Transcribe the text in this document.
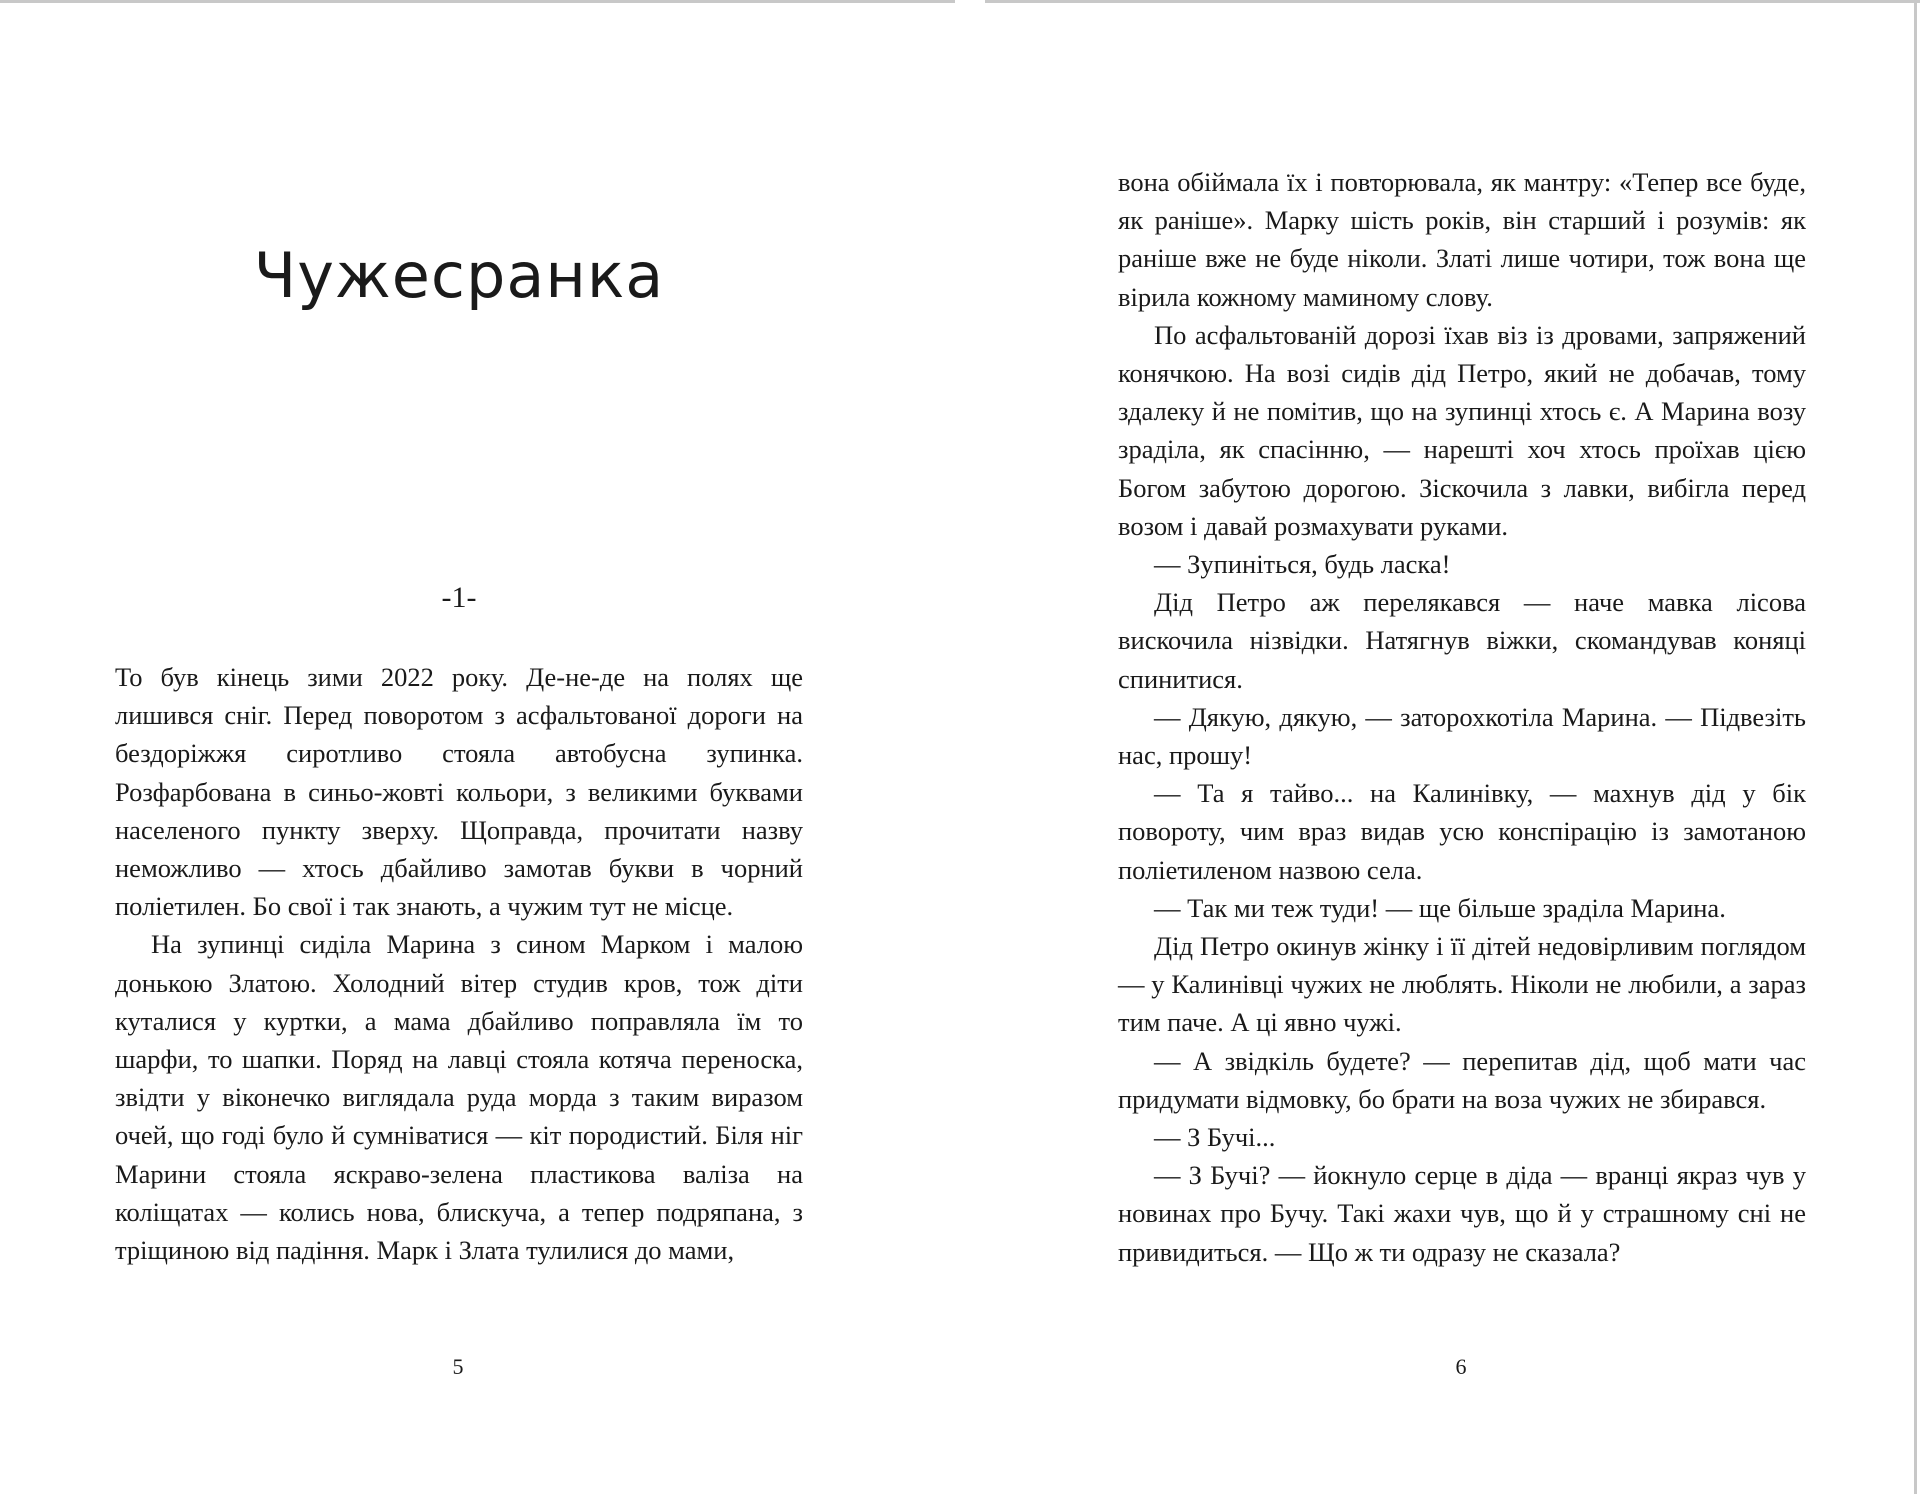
Чужесранка
-1-

То був кінець зими 2022 року. Де-не-де на полях ще лишився сніг. Перед поворотом з асфальтованої дороги на бездоріжжя сиротливо стояла автобусна зупинка. Розфарбована в синьо-жовті кольори, з великими буквами населеного пункту зверху. Щоправда, прочитати назву неможливо — хтось дбайливо замотав букви в чорний поліетилен. Бо свої і так знають, а чужим тут не місце.

На зупинці сиділа Марина з сином Марком і малою донькою Златою. Холодний вітер студив кров, тож діти куталися у куртки, а мама дбайливо поправляла їм то шарфи, то шапки. Поряд на лавці стояла котяча переноска, звідти у віконечко виглядала руда морда з таким виразом очей, що годі було й сумніватися — кіт породистий. Біля ніг Марини стояла яскраво-зелена пластикова валіза на коліщатах — колись нова, блискуча, а тепер подряпана, з тріщиною від падіння. Марк і Злата тулилися до мами,

5

вона обіймала їх і повторювала, як мантру: «Тепер все буде, як раніше». Марку шість років, він старший і розумів: як раніше вже не буде ніколи. Златі лише чотири, тож вона ще вірила кожному маминому слову.

По асфальтованій дорозі їхав віз із дровами, запряжений конячкою. На возі сидів дід Петро, який не добачав, тому здалеку й не помітив, що на зупинці хтось є. А Марина возу зраділа, як спасінню, — нарешті хоч хтось проїхав цією Богом забутою дорогою. Зіскочила з лавки, вибігла перед возом і давай розмахувати руками.

— Зупиніться, будь ласка!

Дід Петро аж перелякався — наче мавка лісова вискочила нізвідки. Натягнув віжки, скомандував коняці спинитися.

— Дякую, дякую, — заторохкотіла Марина. — Підвезіть нас, прошу!

— Та я тайво... на Калинівку, — махнув дід у бік повороту, чим враз видав усю конспірацію із замотаною поліетиленом назвою села.

— Так ми теж туди! — ще більше зраділа Марина.

Дід Петро окинув жінку і її дітей недовірливим поглядом — у Калинівці чужих не люблять. Ніколи не любили, а зараз тим паче. А ці явно чужі.

— А звідкіль будете? — перепитав дід, щоб мати час придумати відмовку, бо брати на воза чужих не збирався.

— З Бучі...

— З Бучі? — йокнуло серце в діда — вранці якраз чув у новинах про Бучу. Такі жахи чув, що й у страшному сні не привидиться. — Що ж ти одразу не сказала?

6
